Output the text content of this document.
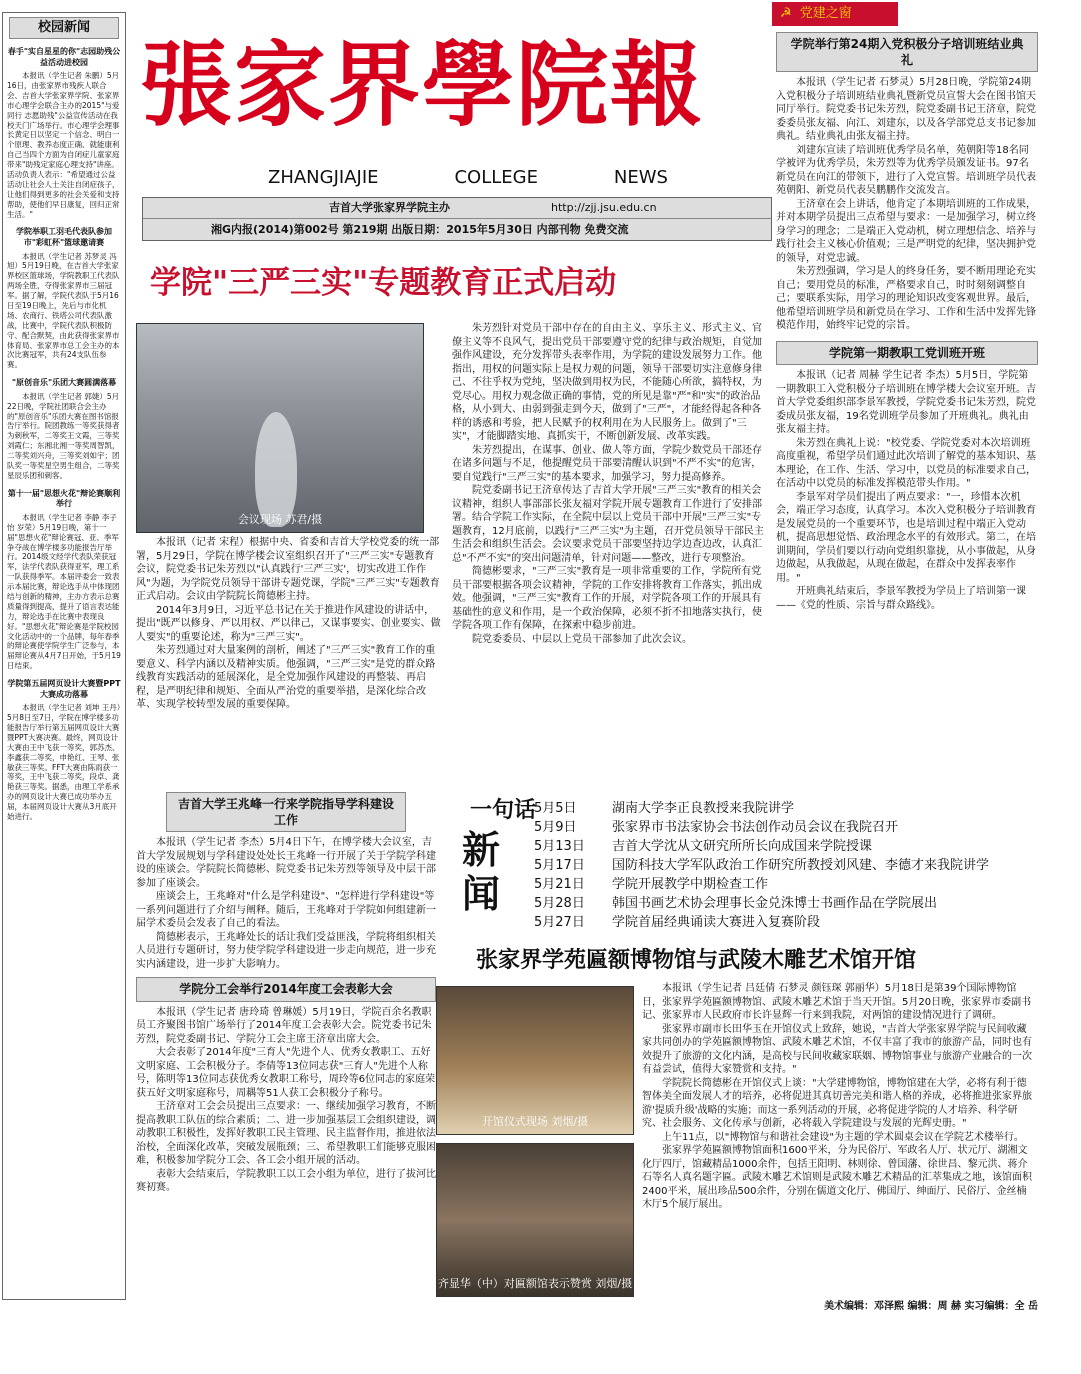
校园新闻
春手"实自星星的你"志园助残公益活动进校园

本报讯（学生记者 朱鹏）5月16日，由张家界市残疾人联合会、吉首大学张家界学院、张家界市心理学会联合主办的2015"与爱同行 志愿助残"公益宣传活动在我校天门广场举行。市心理学会理事长黄定日以坚定一个信念、明白一个原理、教养态度正确、就能康利自己当四个方面为自闭症儿童家庭带来"助残定家庭心理支持"讲座。活动负责人表示："希望通过公益活动让社会人士关注自闭症孩子，让他们得到更多的社会关爱和支持帮助，使他们早日康复，回归正常生活。"

学院举职工羽毛代表队参加市"彩虹杯"篮球邀请赛

本报讯（学生记者 苏梦灵 冯旭）5月19日晚，在吉首大学张家界校区篮球场，学院教职工代表队两场全胜，夺得张家界市三届冠军。据了解，学院代表队于5月16日至19日晚上，先后与市化机场、农商行、铁塔公司代表队激战，比赛中，学院代表队积极防守、配合默契，由此获得张家界市体育局、张家界市总工会主办的本次比赛冠军，共有24支队伍参赛。

"原创音乐"乐团大赛圆满落幕

本报讯（学生记者 郭婕）5月22日晚，学院社团联合会主办的"原创音乐"乐团大赛在图书馆报告厅举行。院团教练一等奖获得者为刺秋军，二等奖王文霞，三等奖刘霞仁；东湘北湘一等奖周智凯，二等奖刘兴舟，三等奖刘如宇；团队奖一等奖星空男生组合，二等奖星辰乐团和刺客。

第十一届"思想火花"辩论赛顺利举行

本报讯（学生记者 李静 李子怡 岁荣）5月19日晚，第十一届"思想火花"辩论赛冠、亚、季军争夺战在博学楼多功能报告厅举行。2014级文经学代表队荣获冠军，法学代表队获得亚军，理工系一队获得季军。本届评委会一致表示本届比赛，辩论选手从中体现团结与创新的精神，主办方表示总赛质量得到提高，提升了语言表达能力，辩论选手在比赛中表现良好。"思想火花"辩论赛是学院校园文化活动中的一个品牌，每年春季的辩论赛使学院学生广泛参与，本届辩论赛从4月7日开始，于5月19日结束。

学院第五届网页设计大赛暨PPT大赛成功落幕

本报讯（学生记者 刘坤 王丹）5月8日至7日，学院在博学楼多功能报告厅举行第五届网页设计大赛暨PPT大赛决赛。最终，网页设计大赛由王中飞获一等奖，郭苏杰、李鑫获二等奖，申艳红、王琴、张敏获三等奖。FFT大赛由陈雨获一等奖，王中飞获二等奖，段卓、龚艳获三等奖。据悉，由理工学系承办的网页设计大赛已成功举办五届，本届网页设计大赛从3月底开始进行。

張家界學院報
ZHANGJIAJIE	COLLEGE	NEWS
吉首大学张家界学院主办	http://zjj.jsu.edu.cn
湘G内报(2014)第002号 第219期 出版日期：2015年5月30日 内部刊物 免费交流
☭ 党建之窗
学院"三严三实"专题教育正式启动
会议现场 苏君/摄

本报讯（记者 宋程）根据中央、省委和吉首大学校党委的统一部署，5月29日，学院在博学楼会议室组织召开了"三严三实"专题教育会议，院党委书记朱芳烈以"认真践行'三严三实'，切实改进工作作风"为题，为学院党员领导干部讲专题党课，学院"三严三实"专题教育正式启动。会议由学院院长简德彬主持。

2014年3月9日，习近平总书记在关于推进作风建设的讲话中，提出"既严以修身、严以用权、严以律己，又谋事要实、创业要实、做人要实"的重要论述，称为"三严三实"。

朱芳烈通过对大量案例的剖析，阐述了"三严三实"教育工作的重要意义、科学内涵以及精神实质。他强调，"三严三实"是党的群众路线教育实践活动的延展深化，是全党加强作风建设的再整装、再启程，是严明纪律和规矩、全面从严治党的重要举措，是深化综合改革、实现学校转型发展的重要保障。

朱芳烈针对党员干部中存在的自由主义、享乐主义、形式主义、官僚主义等不良风气，提出党员干部要遵守党的纪律与政治规矩，自觉加强作风建设，充分发挥带头表率作用，为学院的建设发展努力工作。他指出，用权的问题实际上是权力观的问题，领导干部要切实注意修身律己、不往乎权为党纯，坚决做到用权为民，不能随心所欲，搞特权，为党尽心。用权力观念做正确的事情，党的所见是靠"严"和"实"的政治品格，从小到大、由弱到强走到今天，做到了"三严"，才能经得起各种各样的诱惑和考验，把人民赋予的权利用在为人民服务上。做到了"三实"，才能脚踏实地、真抓实干，不断创新发展、改革实践。

朱芳烈提出，在谋事、创业、做人等方面，学院少数党员干部还存在诸多问题与不足，他提醒党员干部要清醒认识到"不严不实"的危害，要自觉践行"三严三实"的基本要求，加强学习，努力提高修养。

院党委副书记王济章传达了吉首大学开展"三严三实"教育的相关会议精神，组织人事部部长张友福对学院开展专题教育工作进行了安排部署。结合学院工作实际，在全院中层以上党员干部中开展"三严三实"专题教育，12月底前，以践行"三严三实"为主题，召开党员领导干部民主生活会和组织生活会。会议要求党员干部要坚持边学边查边改，认真汇总"不严不实"的突出问题清单，针对问题——整改，进行专项整治。

简德彬要求，"三严三实"教育是一项非常重要的工作，学院所有党员干部要根据各项会议精神，学院的工作安排将教育工作落实，抓出成效。他强调，"三严三实"教育工作的开展，对学院各项工作的开展具有基础性的意义和作用，是一个政治保障，必须不折不扣地落实执行，使学院各项工作有保障，在探索中稳步前进。

院党委委员、中层以上党员干部参加了此次会议。

学院举行第24期入党积极分子培训班结业典礼

本报讯（学生记者 石梦灵）5月28日晚，学院第24期入党积极分子培训班结业典礼暨新党员宣誓大会在图书馆天同厅举行。院党委书记朱芳烈，院党委副书记王济章，院党委委员张友福、向江、刘建东，以及各学部党总支书记参加典礼。结业典礼由张友福主持。

刘建东宣读了培训班优秀学员名单，苑朝阳等18名同学被评为优秀学员，朱芳烈等为优秀学员颁发证书。97名新党员在向江的带领下，进行了入党宣誓。培训班学员代表苑朝阳、新党员代表吴鹏鹏作交流发言。

王济章在会上讲话，他肯定了本期培训班的工作成果，并对本期学员提出三点希望与要求：一是加强学习，树立终身学习的理念；二是端正入党动机，树立理想信念、培养与践行社会主义核心价值观；三是严明党的纪律，坚决拥护党的领导，对党忠诚。

朱芳烈强调，学习是人的终身任务，要不断用理论充实自己；要用党员的标准，严格要求自己，时时刻刻调整自己；要联系实际，用学习的理论知识改变客观世界。最后，他希望培训班学员和新党员在学习、工作和生活中发挥先锋模范作用，始终牢记党的宗旨。

学院第一期教职工党训班开班

本报讯（记者 周赫 学生记者 李杰）5月5日，学院第一期教职工入党积极分子培训班在博学楼大会议室开班。吉首大学党委组织部李景军教授，学院党委书记朱芳烈，院党委成员张友福，19名党训班学员参加了开班典礼。典礼由张友福主持。

朱芳烈在典礼上说："校党委、学院党委对本次培训班高度重视，希望学员们通过此次培训了解党的基本知识、基本理论，在工作、生活、学习中，以党员的标准要求自己，在活动中以党员的标准发挥模范带头作用。"

李景军对学员们提出了两点要求："一，珍惜本次机会，端正学习态度，认真学习。本次入党积极分子培训教育是发展党员的一个重要环节，也是培训过程中端正入党动机，提高思想觉悟、政治理念水平的有效形式。第二，在培训期间，学员们要以行动向党组织靠拢，从小事做起，从身边做起，从我做起，从现在做起，在群众中发挥表率作用。"

开班典礼结束后，李景军教授为学员上了培训第一课——《党的性质、宗旨与群众路线》。

吉首大学王兆峰一行来学院指导学科建设工作

本报讯（学生记者 李杰）5月4日下午，在博学楼大会议室，吉首大学发展规划与学科建设处处长王兆峰一行开展了关于学院学科建设的座谈会。学院院长简德彬、院党委书记朱芳烈等领导及中层干部参加了座谈会。

座谈会上，王兆峰对"什么是学科建设"、"怎样进行学科建设"等一系列问题进行了介绍与阐释。随后，王兆峰对于学院如何组建新一届学术委员会发表了自己的看法。

简德彬表示，王兆峰处长的话让我们受益匪浅，学院将组织相关人员进行专题研讨，努力使学院学科建设进一步走向规范，进一步充实内涵建设，进一步扩大影响力。

学院分工会举行2014年度工会表彰大会

本报讯（学生记者 唐玲琦 曾琳媛）5月19日，学院百余名教职员工齐聚图书馆广场举行了2014年度工会表彰大会。院党委书记朱芳烈，院党委副书记、学院分工会主席王济章出席大会。

大会表彰了2014年度"三育人"先进个人、优秀女教职工、五好文明家庭、工会积极分子。李倩等13位同志获"三育人"先进个人称号，陈明等13位同志获优秀女教职工称号，周玲等6位同志的家庭荣获五好文明家庭称号，周耦等51人获工会积极分子称号。

王济章对工会会员提出三点要求：一、继续加强学习教育，不断提高教职工队伍的综合素质；二、进一步加强基层工会组织建设，调动教职工积极性，发挥好教职工民主管理、民主监督作用，推进依法治校，全面深化改革，突破发展瓶颈；三、希望教职工们能够克服困难，积极参加学院分工会、各工会小组开展的活动。

表彰大会结束后，学院教职工以工会小组为单位，进行了拔河比赛初赛。

一句话
新闻
5月5日	湖南大学李正良教授来我院讲学
5月9日	张家界市书法家协会书法创作动员会议在我院召开
5月13日	吉首大学沈从文研究所所长向成国来学院授课
5月17日	国防科技大学军队政治工作研究所教授刘风建、李德才来我院讲学
5月21日	学院开展教学中期检查工作
5月28日	韩国书画艺术协会理事长金兑洙博士书画作品在学院展出
5月27日	学院首届经典诵读大赛进入复赛阶段
张家界学苑匾额博物馆与武陵木雕艺术馆开馆
开馆仪式现场 刘烟/摄
齐显华（中）对匾额馆表示赞赏 刘烟/摄

本报讯（学生记者 吕廷倩 石梦灵 颜钰琛 郭丽华）5月18日是第39个国际博物馆日，张家界学苑匾额博物馆、武陵木雕艺术馆于当天开馆。5月20日晚，张家界市委副书记、张家界市人民政府市长许显辉一行来到我院，对两馆的建设情况进行了调研。

张家界市副市长田华玉在开馆仪式上致辞，她说，"吉首大学张家界学院与民间收藏家共同创办的学苑匾额博物馆、武陵木雕艺术馆，不仅丰富了我市的旅游产品，同时也有效提升了旅游的文化内涵，是高校与民间收藏家联姻、博物馆事业与旅游产业融合的一次有益尝试，值得大家赞赏和支持。"

学院院长简德彬在开馆仪式上谈："大学建博物馆，博物馆建在大学，必将有利于德智体美全面发展人才的培养，必将促进其真切善完美和谐人格的养成，必将推进张家界旅游'提质升级'战略的实施；而这一系列活动的开展，必将促进学院的人才培养、科学研究、社会服务、文化传承与创新，必将载入学院建设与发展的光辉史册。"

上午11点，以"博物馆与和谐社会建设"为主题的学术圆桌会议在学院艺术楼举行。

张家界学苑匾额博物馆面积1600平米，分为民俗厅、军政名人厅、状元厅、湖湘文化厅四厅，馆藏精品1000余件，包括王阳明、林则徐、曾国藩、徐世昌、黎元洪、蒋介石等名人真名题字匾。武陵木雕艺术馆则是武陵木雕艺术精品的汇萃集成之地，该馆面积2400平米，展出珍品500余件，分别在儒道文化厅、佛国厅、绅面厅、民俗厅、金丝楠木厅5个展厅展出。

美术编辑：邓泽熙 编辑：周 赫 实习编辑：全 岳
